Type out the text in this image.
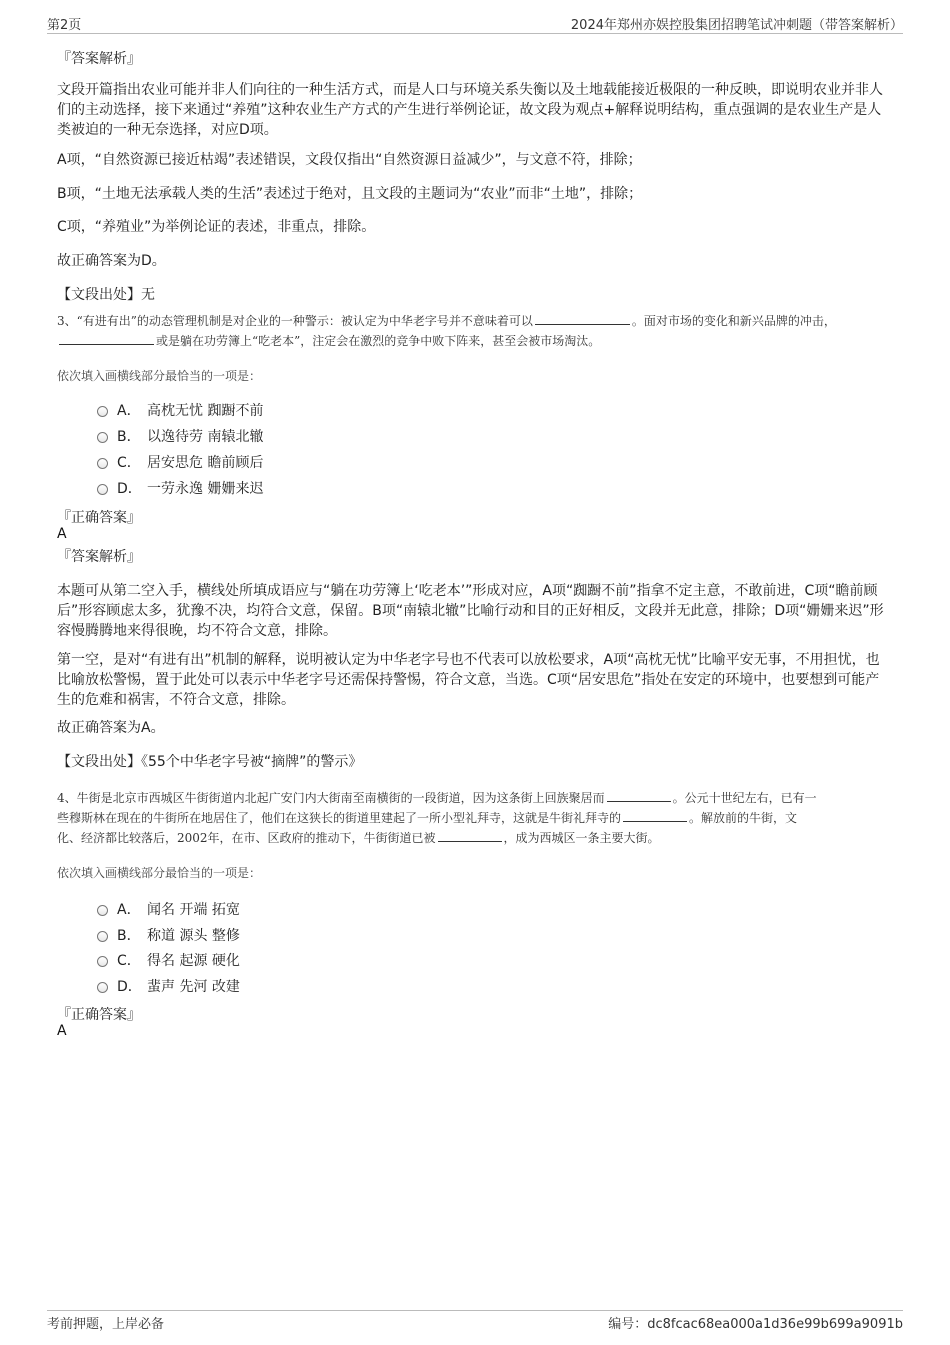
第2页	2024年郑州亦娱控股集团招聘笔试冲刺题（带答案解析）
『答案解析』
文段开篇指出农业可能并非人们向往的一种生活方式，而是人口与环境关系失衡以及土地载能接近极限的一种反映，即说明农业并非人们的主动选择，接下来通过“养殖”这种农业生产方式的产生进行举例论证，故文段为观点+解释说明结构，重点强调的是农业生产是人类被迫的一种无奈选择，对应D项。
A项，“自然资源已接近枯竭”表述错误，文段仅指出“自然资源日益减少”，与文意不符，排除；
B项，“土地无法承载人类的生活”表述过于绝对，且文段的主题词为“农业”而非“土地”，排除；
C项，“养殖业”为举例论证的表述，非重点，排除。
故正确答案为D。
【文段出处】无
3、“有进有出”的动态管理机制是对企业的一种警示：被认定为中华老字号并不意味着可以	。面对市场的变化和新兴品牌的冲击，或是躺在功劳簿上“吃老本”，注定会在激烈的竞争中败下阵来，甚至会被市场淘汰。
依次填入画横线部分最恰当的一项是：
A． 高枕无忧 踟蹰不前
B． 以逸待劳 南辕北辙
C． 居安思危 瞻前顾后
D． 一劳永逸 姗姗来迟
『正确答案』
A
『答案解析』
本题可从第二空入手，横线处所填成语应与“躺在功劳簿上‘吃老本’”形成对应，A项“踟蹰不前”指拿不定主意，不敢前进，C项“瞻前顾后”形容顾虑太多，犹豫不决，均符合文意，保留。B项“南辕北辙”比喻行动和目的正好相反，文段并无此意，排除；D项“姗姗来迟”形容慢腾腾地来得很晚，均不符合文意，排除。
第一空，是对“有进有出”机制的解释，说明被认定为中华老字号也不代表可以放松要求，A项“高枕无忧”比喻平安无事，不用担忧，也比喻放松警惕，置于此处可以表示中华老字号还需保持警惕，符合文意，当选。C项“居安思危”指处在安定的环境中，也要想到可能产生的危难和祸害，不符合文意，排除。
故正确答案为A。
【文段出处】《55个中华老字号被“摘牌”的警示》
4、牛街是北京市西城区牛街街道内北起广安门内大街南至南横街的一段街道，因为这条街上回族聚居而	。公元十世纪左右，已有一
些穆斯林在现在的牛街所在地居住了，他们在这狭长的街道里建起了一所小型礼拜寺，这就是牛街礼拜寺的	。解放前的牛街，文
化、经济都比较落后，2002年，在市、区政府的推动下，牛街街道已被	，成为西城区一条主要大街。
依次填入画横线部分最恰当的一项是：
A． 闻名 开端 拓宽
B． 称道 源头 整修
C． 得名 起源 硬化
D． 蜚声 先河 改建
『正确答案』
A
考前押题，上岸必备	编号：dc8fcac68ea000a1d36e99b699a9091b
